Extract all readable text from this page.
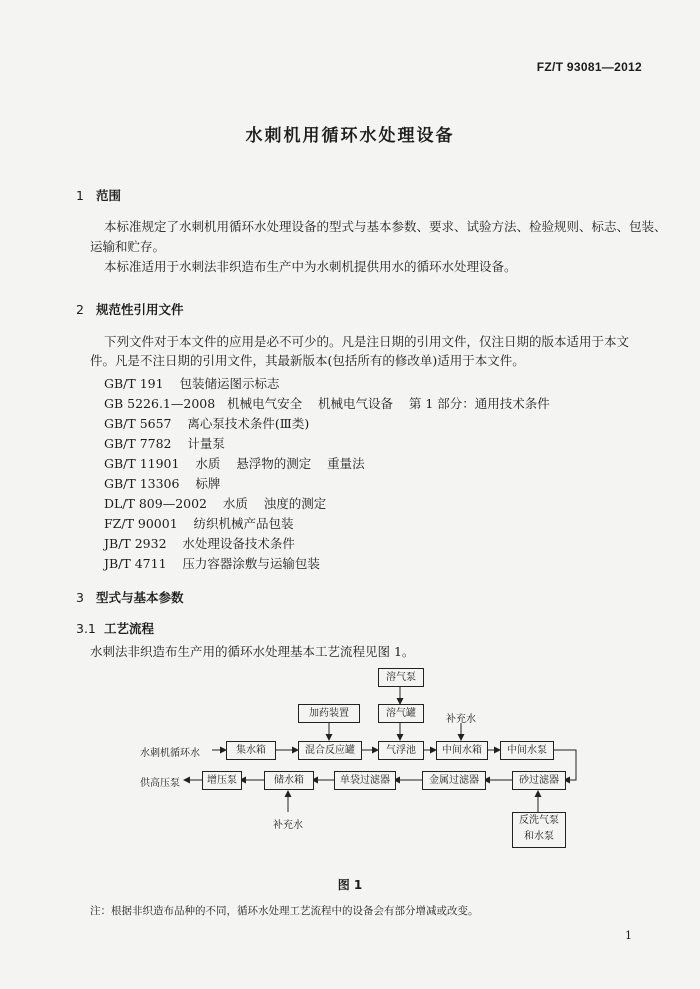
FZ/T 93081—2012
水刺机用循环水处理设备
1 范围
本标准规定了水刺机用循环水处理设备的型式与基本参数、要求、试验方法、检验规则、标志、包装、
运输和贮存。
本标准适用于水刺法非织造布生产中为水刺机提供用水的循环水处理设备。
2 规范性引用文件
下列文件对于本文件的应用是必不可少的。凡是注日期的引用文件，仅注日期的版本适用于本文
件。凡是不注日期的引用文件，其最新版本(包括所有的修改单)适用于本文件。
GB/T 191    包装储运图示标志
GB 5226.1—2008   机械电气安全    机械电气设备    第 1 部分：通用技术条件
GB/T 5657    离心泵技术条件(Ⅲ类)
GB/T 7782    计量泵
GB/T 11901    水质    悬浮物的测定    重量法
GB/T 13306    标牌
DL/T 809—2002    水质    浊度的测定
FZ/T 90001    纺织机械产品包装
JB/T 2932    水处理设备技术条件
JB/T 4711    压力容器涂敷与运输包装
3 型式与基本参数
3.1 工艺流程
水刺法非织造布生产用的循环水处理基本工艺流程见图 1。
溶气泵
加药装置	溶气罐
补充水
水刺机循环水	集水箱	混合反应罐	气浮池	中间水箱	中间水泵
供高压泵	增压泵	储水箱	单袋过滤器	金属过滤器	砂过滤器
补充水	反洗气泵
和水泵
图 1
注：根据非织造布品种的不同，循环水处理工艺流程中的设备会有部分增减或改变。
1
